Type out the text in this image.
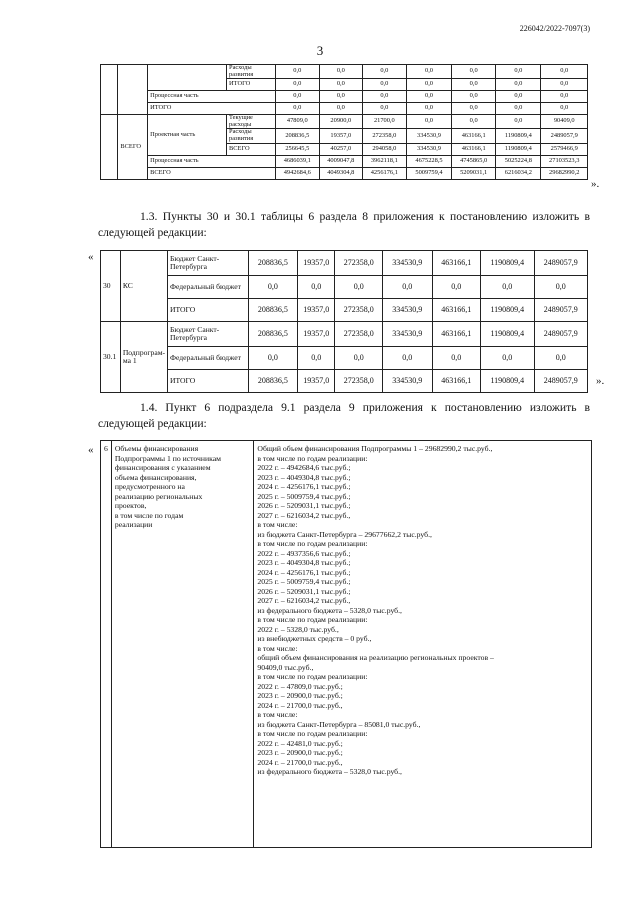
226042/2022-7097(3)
3
			Расходы развития	0,0	0,0	0,0	0,0	0,0	0,0	0,0
			ИТОГО	0,0	0,0	0,0	0,0	0,0	0,0	0,0
		Процессная часть		0,0	0,0	0,0	0,0	0,0	0,0	0,0
		ИТОГО		0,0	0,0	0,0	0,0	0,0	0,0	0,0
	ВСЕГО	Проектная часть	Текущие расходы	47809,0	20900,0	21700,0	0,0	0,0	0,0	90409,0
			Расходы развития	208836,5	19357,0	272358,0	334530,9	463166,1	1190809,4	2489057,9
			ВСЕГО	256645,5	40257,0	294058,0	334530,9	463166,1	1190809,4	2579466,9
		Процессная часть		4686039,1	4009047,8	3962118,1	4675228,5	4745865,0	5025224,8	27103523,3
		ВСЕГО		4942684,6	4049304,8	4256176,1	5009759,4	5209031,1	6216034,2	29682990,2
».
1.3. Пункты 30 и 30.1 таблицы 6 раздела 8 приложения к постановлению изложить в следующей редакции:
«
30	КС	Бюджет Санкт-Петербурга	208836,5	19357,0	272358,0	334530,9	463166,1	1190809,4	2489057,9
		Федеральный бюджет	0,0	0,0	0,0	0,0	0,0	0,0	0,0
		ИТОГО	208836,5	19357,0	272358,0	334530,9	463166,1	1190809,4	2489057,9
30.1	Подпрограм-ма 1	Бюджет Санкт-Петербурга	208836,5	19357,0	272358,0	334530,9	463166,1	1190809,4	2489057,9
		Федеральный бюджет	0,0	0,0	0,0	0,0	0,0	0,0	0,0
		ИТОГО	208836,5	19357,0	272358,0	334530,9	463166,1	1190809,4	2489057,9 ».
1.4. Пункт 6 подраздела 9.1 раздела 9 приложения к постановлению изложить в следующей редакции:
« 6	Объемы финансирования
Подпрограммы 1 по источникам
финансирования с указанием
объема финансирования,
предусмотренного на
реализацию региональных
проектов,
в том числе по годам
реализации

Общий объем финансирования Подпрограммы 1 – 29682990,2 тыс.руб.,
в том числе по годам реализации:
2022 г. – 4942684,6 тыс.руб.;
2023 г. – 4049304,8 тыс.руб.;
2024 г. – 4256176,1 тыс.руб.;
2025 г. – 5009759,4 тыс.руб.;
2026 г. – 5209031,1 тыс.руб.;
2027 г. – 6216034,2 тыс.руб.,
в том числе:
из бюджета Санкт-Петербурга – 29677662,2 тыс.руб.,
в том числе по годам реализации:
2022 г. – 4937356,6 тыс.руб.;
2023 г. – 4049304,8 тыс.руб.;
2024 г. – 4256176,1 тыс.руб.;
2025 г. – 5009759,4 тыс.руб.;
2026 г. – 5209031,1 тыс.руб.;
2027 г. – 6216034,2 тыс.руб.,
из федерального бюджета – 5328,0 тыс.руб.,
в том числе по годам реализации:
2022 г. – 5328,0 тыс.руб.,
из внебюджетных средств – 0 руб.,
в том числе:
общий объем финансирования на реализацию региональных проектов –
90409,0 тыс.руб.,
в том числе по годам реализации:
2022 г. – 47809,0 тыс.руб.;
2023 г. – 20900,0 тыс.руб.;
2024 г. – 21700,0 тыс.руб.,
в том числе:
из бюджета Санкт-Петербурга – 85081,0 тыс.руб.,
в том числе по годам реализации:
2022 г. – 42481,0 тыс.руб.;
2023 г. – 20900,0 тыс.руб.;
2024 г. – 21700,0 тыс.руб.,
из федерального бюджета – 5328,0 тыс.руб.,
